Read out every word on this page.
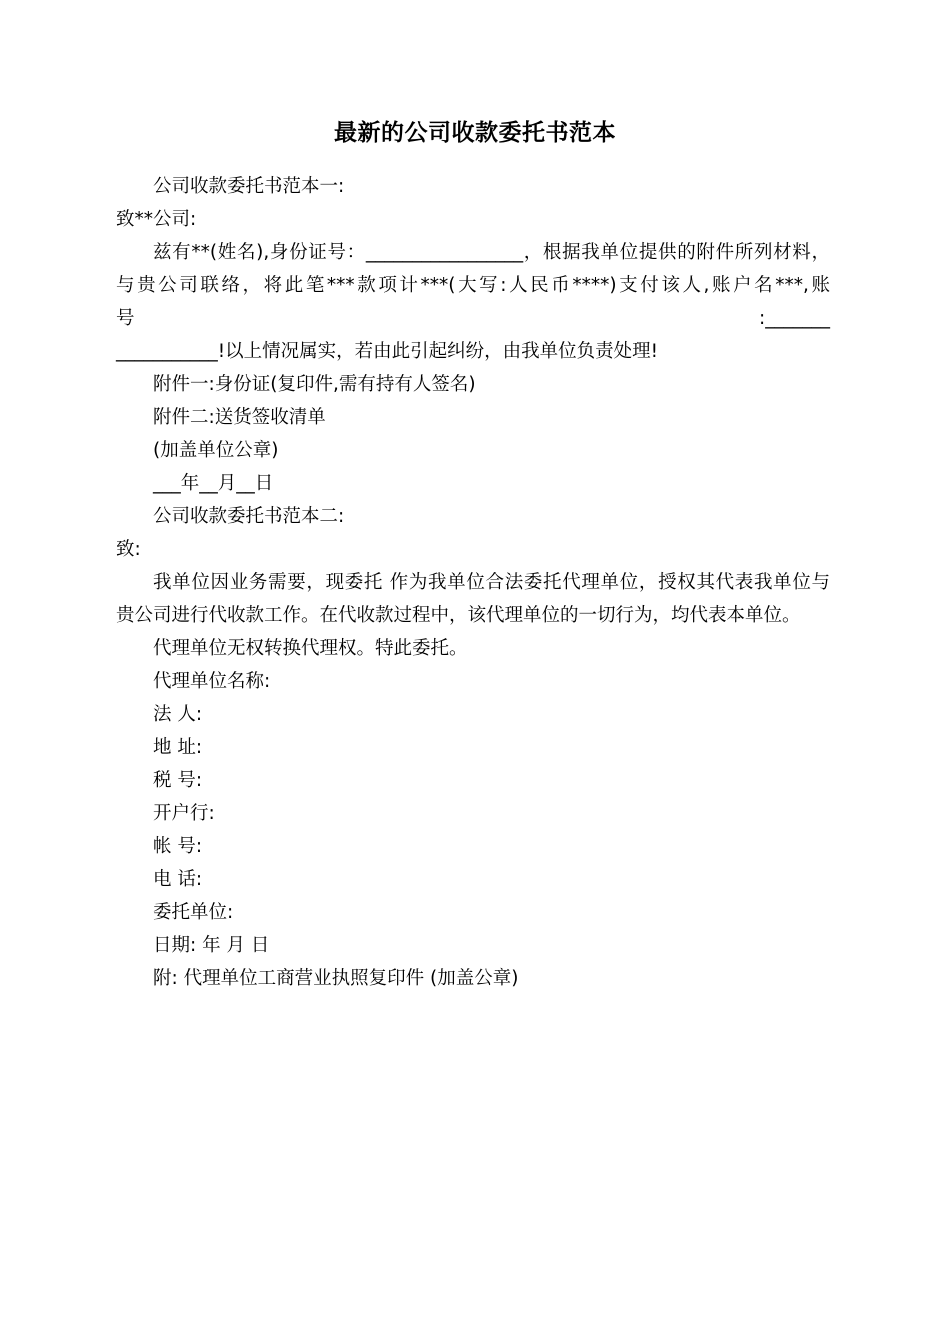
最新的公司收款委托书范本
公司收款委托书范本一:
致**公司:
兹有**(姓名),身份证号：_________________，根据我单位提供的附件所列材料，
与贵公司联络，将此笔***款项计***(大写:人民币****)支付该人,账户名***,账号:_______
___________!以上情况属实，若由此引起纠纷，由我单位负责处理!
附件一:身份证(复印件,需有持有人签名)
附件二:送货签收清单
(加盖单位公章)
___年__月__日
公司收款委托书范本二:
致:
我单位因业务需要，现委托 作为我单位合法委托代理单位，授权其代表我单位与
贵公司进行代收款工作。在代收款过程中，该代理单位的一切行为，均代表本单位。
代理单位无权转换代理权。特此委托。
代理单位名称:
法 人:
地 址:
税 号:
开户行:
帐 号:
电 话:
委托单位:
日期: 年 月 日
附: 代理单位工商营业执照复印件 (加盖公章)
